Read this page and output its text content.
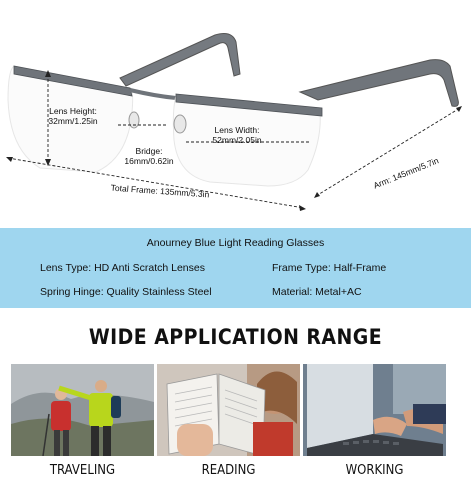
Lens Height:
32mm/1.25in
Bridge:
16mm/0.62in
Lens Width:
52mm/2.05in
Total Frame: 135mm/5.3in
Arm: 145mm/5.7in
Anourney Blue Light Reading Glasses
Lens Type: HD Anti Scratch Lenses	Frame Type: Half-Frame
Spring Hinge: Quality Stainless Steel	Material: Metal+AC
WIDE APPLICATION RANGE
TRAVELING	READING	WORKING
